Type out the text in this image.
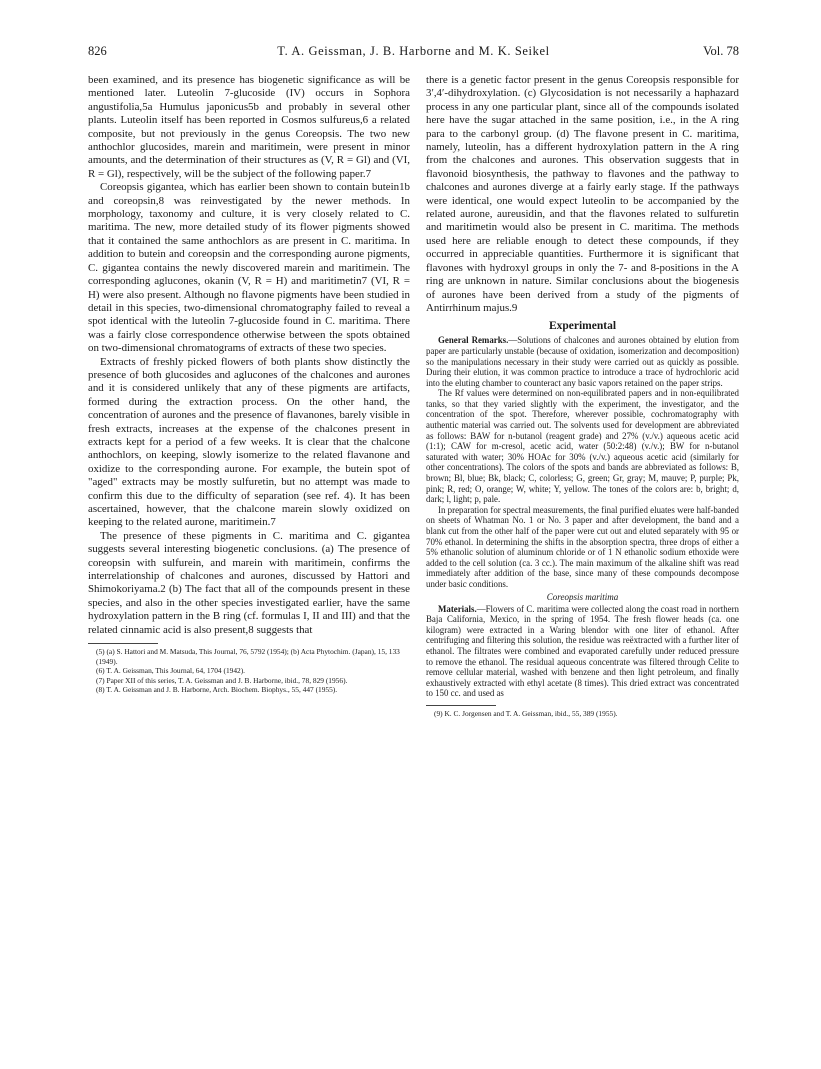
826	T. A. Geissman, J. B. Harborne and M. K. Seikel	Vol. 78

been examined, and its presence has biogenetic significance as will be mentioned later. Luteolin 7-glucoside (IV) occurs in Sophora angustifolia,5a Humulus japonicus5b and probably in several other plants. Luteolin itself has been reported in Cosmos sulfureus,6 a related composite, but not previously in the genus Coreopsis. The two new anthochlor glucosides, marein and maritimein, were present in minor amounts, and the determination of their structures as (V, R = Gl) and (VI, R = Gl), respectively, will be the subject of the following paper.7

Coreopsis gigantea, which has earlier been shown to contain butein1b and coreopsin,8 was reinvestigated by the newer methods. In morphology, taxonomy and culture, it is very closely related to C. maritima. The new, more detailed study of its flower pigments showed that it contained the same anthochlors as are present in C. maritima. In addition to butein and coreopsin and the corresponding aurone pigments, C. gigantea contains the newly discovered marein and maritimein. The corresponding aglucones, okanin (V, R = H) and maritimetin7 (VI, R = H) were also present. Although no flavone pigments have been studied in detail in this species, two-dimensional chromatography failed to reveal a spot identical with the luteolin 7-glucoside found in C. maritima. There was a fairly close correspondence otherwise between the spots obtained on two-dimensional chromatograms of extracts of these two species.

Extracts of freshly picked flowers of both plants show distinctly the presence of both glucosides and aglucones of the chalcones and aurones and it is considered unlikely that any of these pigments are artifacts, formed during the extraction process. On the other hand, the concentration of aurones and the presence of flavanones, barely visible in fresh extracts, increases at the expense of the chalcones present in extracts kept for a period of a few weeks. It is clear that the chalcone anthochlors, on keeping, slowly isomerize to the related flavanone and oxidize to the corresponding aurone. For example, the butein spot of "aged" extracts may be mostly sulfuretin, but no attempt was made to confirm this due to the difficulty of separation (see ref. 4). It has been ascertained, however, that the chalcone marein slowly oxidized on keeping to the related aurone, maritimein.7

The presence of these pigments in C. maritima and C. gigantea suggests several interesting biogenetic conclusions. (a) The presence of coreopsin with sulfurein, and marein with maritimein, confirms the interrelationship of chalcones and aurones, discussed by Hattori and Shimokoriyama.2 (b) The fact that all of the compounds present in these species, and also in the other species investigated earlier, have the same hydroxylation pattern in the B ring (cf. formulas I, II and III) and that the related cinnamic acid is also present,8 suggests that

(5) (a) S. Hattori and M. Matsuda, This Journal, 76, 5792 (1954); (b) Acta Phytochim. (Japan), 15, 133 (1949).
(6) T. A. Geissman, This Journal, 64, 1704 (1942).
(7) Paper XII of this series, T. A. Geissman and J. B. Harborne, ibid., 78, 829 (1956).
(8) T. A. Geissman and J. B. Harborne, Arch. Biochem. Biophys., 55, 447 (1955).

there is a genetic factor present in the genus Coreopsis responsible for 3′,4′-dihydroxylation. (c) Glycosidation is not necessarily a haphazard process in any one particular plant, since all of the compounds isolated here have the sugar attached in the same position, i.e., in the A ring para to the carbonyl group. (d) The flavone present in C. maritima, namely, luteolin, has a different hydroxylation pattern in the A ring from the chalcones and aurones. This observation suggests that in flavonoid biosynthesis, the pathway to flavones and the pathway to chalcones and aurones diverge at a fairly early stage. If the pathways were identical, one would expect luteolin to be accompanied by the related aurone, aureusidin, and that the flavones related to sulfuretin and maritimetin would also be present in C. maritima. The methods used here are reliable enough to detect these compounds, if they occurred in appreciable quantities. Furthermore it is significant that flavones with hydroxyl groups in only the 7- and 8-positions in the A ring are unknown in nature. Similar conclusions about the biogenesis of aurones have been derived from a study of the pigments of Antirrhinum majus.9

Experimental

General Remarks.—Solutions of chalcones and aurones obtained by elution from paper are particularly unstable (because of oxidation, isomerization and decomposition) so the manipulations necessary in their study were carried out as quickly as possible. During their elution, it was common practice to introduce a trace of hydrochloric acid into the eluting chamber to counteract any basic vapors retained on the paper strips.

The Rf values were determined on non-equilibrated papers and in non-equilibrated tanks, so that they varied slightly with the experiment, the investigator, and the concentration of the spot. Therefore, wherever possible, cochromatography with authentic material was carried out. The solvents used for development are abbreviated as follows: BAW for n-butanol (reagent grade) and 27% (v./v.) aqueous acetic acid (1:1); CAW for m-cresol, acetic acid, water (50:2:48) (v./v.); BW for n-butanol saturated with water; 30% HOAc for 30% (v./v.) aqueous acetic acid (similarly for other concentrations). The colors of the spots and bands are abbreviated as follows: B, brown; Bl, blue; Bk, black; C, colorless; G, green; Gr, gray; M, mauve; P, purple; Pk, pink; R, red; O, orange; W, white; Y, yellow. The tones of the colors are: b, bright; d, dark; l, light; p, pale.

In preparation for spectral measurements, the final purified eluates were half-banded on sheets of Whatman No. 1 or No. 3 paper and after development, the band and a blank cut from the other half of the paper were cut out and eluted separately with 95 or 70% ethanol. In determining the shifts in the absorption spectra, three drops of either a 5% ethanolic solution of aluminum chloride or of 1 N ethanolic sodium ethoxide were added to the cell solution (ca. 3 cc.). The main maximum of the alkaline shift was read immediately after addition of the base, since many of these compounds decompose under basic conditions.

Coreopsis maritima

Materials.—Flowers of C. maritima were collected along the coast road in northern Baja California, Mexico, in the spring of 1954. The fresh flower heads (ca. one kilogram) were extracted in a Waring blendor with one liter of ethanol. After centrifuging and filtering this solution, the residue was reëxtracted with a further liter of ethanol. The filtrates were combined and evaporated carefully under reduced pressure to remove the ethanol. The residual aqueous concentrate was filtered through Celite to remove cellular material, washed with benzene and then light petroleum, and finally exhaustively extracted with ethyl acetate (8 times). This dried extract was concentrated to 150 cc. and used as

(9) K. C. Jorgensen and T. A. Geissman, ibid., 55, 389 (1955).
